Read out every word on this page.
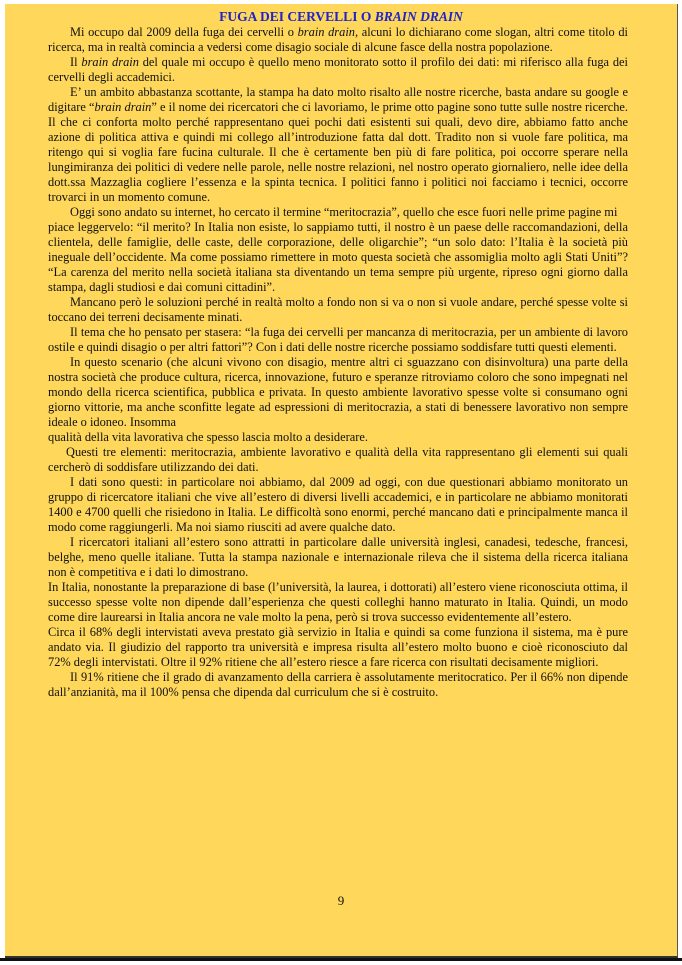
FUGA DEI CERVELLI O BRAIN DRAIN

Mi occupo dal 2009 della fuga dei cervelli o brain drain, alcuni lo dichiarano come slogan, altri come titolo di ricerca, ma in realtà comincia a vedersi come disagio sociale di alcune fasce della nostra popolazione.

Il brain drain del quale mi occupo è quello meno monitorato sotto il profilo dei dati: mi riferisco alla fuga dei cervelli degli accademici.

E’ un ambito abbastanza scottante, la stampa ha dato molto risalto alle nostre ricerche, basta andare su google e digitare “brain drain” e il nome dei ricercatori che ci lavoriamo, le prime otto pagine sono tutte sulle nostre ricerche. Il che ci conforta molto perché rappresentano quei pochi dati esistenti sui quali, devo dire, abbiamo fatto anche azione di politica attiva e quindi mi collego all’introduzione fatta dal dott. Tradito non si vuole fare politica, ma ritengo qui si voglia fare fucina culturale. Il che è certamente ben più di fare politica, poi occorre sperare nella lungimiranza dei politici di vedere nelle parole, nelle nostre relazioni, nel nostro operato giornaliero, nelle idee della dott.ssa Mazzaglia cogliere l’essenza e la spinta tecnica. I politici fanno i politici noi facciamo i tecnici, occorre trovarci in un momento comune.

Oggi sono andato su internet, ho cercato il termine “meritocrazia”, quello che esce fuori nelle prime pagine mi

piace leggervelo: “il merito? In Italia non esiste, lo sappiamo tutti, il nostro è un paese delle raccomandazioni, della clientela, delle famiglie, delle caste, delle corporazione, delle oligarchie”; “un solo dato: l’Italia è la società più ineguale dell’occidente. Ma come possiamo rimettere in moto questa società che assomiglia molto agli Stati Uniti”? “La carenza del merito nella società italiana sta diventando un tema sempre più urgente, ripreso ogni giorno dalla stampa, dagli studiosi e dai comuni cittadini”.

Mancano però le soluzioni perché in realtà molto a fondo non si va o non si vuole andare, perché spesse volte si toccano dei terreni decisamente minati.

Il tema che ho pensato per stasera: “la fuga dei cervelli per mancanza di meritocrazia, per un ambiente di lavoro ostile e quindi disagio o per altri fattori”? Con i dati delle nostre ricerche possiamo soddisfare tutti questi elementi.

In questo scenario (che alcuni vivono con disagio, mentre altri ci sguazzano con disinvoltura) una parte della nostra società che produce cultura, ricerca, innovazione, futuro e speranze ritroviamo coloro che sono impegnati nel mondo della ricerca scientifica, pubblica e privata. In questo ambiente lavorativo spesse volte si consumano ogni giorno vittorie, ma anche sconfitte legate ad espressioni di meritocrazia, a stati di benessere lavorativo non sempre ideale o idoneo. Insomma

qualità della vita lavorativa che spesso lascia molto a desiderare.

Questi tre elementi: meritocrazia, ambiente lavorativo e qualità della vita rappresentano gli elementi sui quali cercherò di soddisfare utilizzando dei dati.

I dati sono questi: in particolare noi abbiamo, dal 2009 ad oggi, con due questionari abbiamo monitorato un gruppo di ricercatore italiani che vive all’estero di diversi livelli accademici, e in particolare ne abbiamo monitorati 1400 e 4700 quelli che risiedono in Italia. Le difficoltà sono enormi, perché mancano dati e principalmente manca il modo come raggiungerli. Ma noi siamo riusciti ad avere qualche dato.

I ricercatori italiani all’estero sono attratti in particolare dalle università inglesi, canadesi, tedesche, francesi, belghe, meno quelle italiane. Tutta la stampa nazionale e internazionale rileva che il sistema della ricerca italiana non è competitiva e i dati lo dimostrano.

In Italia, nonostante la preparazione di base (l’università, la laurea, i dottorati) all’estero viene riconosciuta ottima, il successo spesse volte non dipende dall’esperienza che questi colleghi hanno maturato in Italia. Quindi, un modo come dire laurearsi in Italia ancora ne vale molto la pena, però si trova successo evidentemente all’estero.

Circa il 68% degli intervistati aveva prestato già servizio in Italia e quindi sa come funziona il sistema, ma è pure andato via. Il giudizio del rapporto tra università e impresa risulta all’estero molto buono e cioè riconosciuto dal 72% degli intervistati. Oltre il 92% ritiene che all’estero riesce a fare ricerca con risultati decisamente migliori.

Il 91% ritiene che il grado di avanzamento della carriera è assolutamente meritocratico. Per il 66% non dipende dall’anzianità, ma il 100% pensa che dipenda dal curriculum che si è costruito.

9
